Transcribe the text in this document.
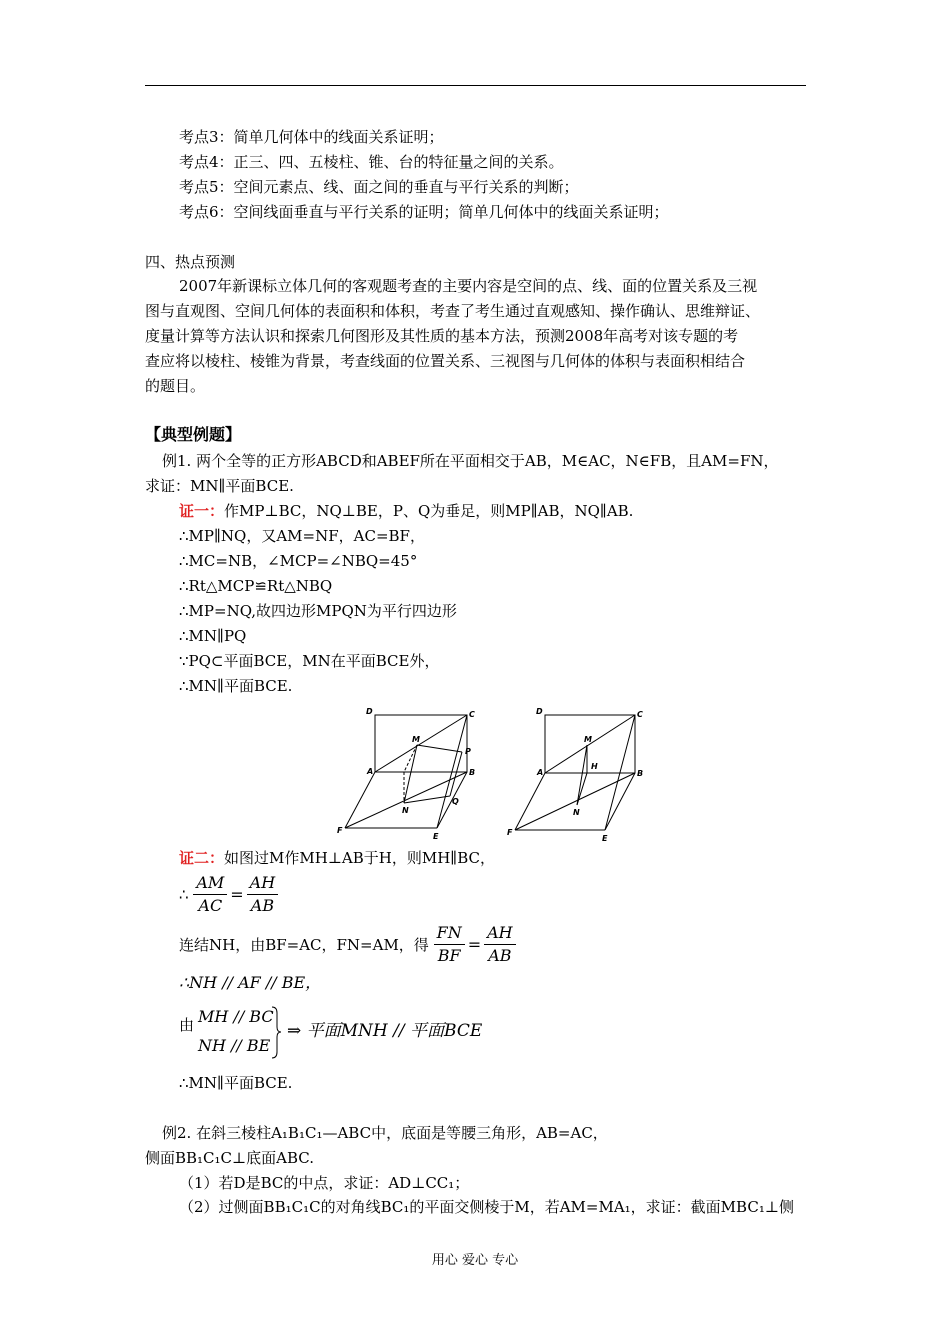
考点3：简单几何体中的线面关系证明；
考点4：正三、四、五棱柱、锥、台的特征量之间的关系。
考点5：空间元素点、线、面之间的垂直与平行关系的判断；
考点6：空间线面垂直与平行关系的证明；简单几何体中的线面关系证明；
四、热点预测
2007年新课标立体几何的客观题考查的主要内容是空间的点、线、面的位置关系及三视
图与直观图、空间几何体的表面积和体积，考查了考生通过直观感知、操作确认、思维辩证、
度量计算等方法认识和探索几何图形及其性质的基本方法，预测2008年高考对该专题的考
查应将以棱柱、棱锥为背景，考查线面的位置关系、三视图与几何体的体积与表面积相结合
的题目。
【典型例题】
例1. 两个全等的正方形ABCD和ABEF所在平面相交于AB，M∈AC，N∈FB，且AM=FN，
求证：MN∥平面BCE.
证一：作MP⊥BC，NQ⊥BE，P、Q为垂足，则MP∥AB，NQ∥AB.
∴MP∥NQ，又AM=NF，AC=BF，
∴MC=NB，∠MCP=∠NBQ=45°
∴Rt△MCP≌Rt△NBQ
∴MP=NQ,故四边形MPQN为平行四边形
∴MN∥PQ
∵PQ⊂平面BCE，MN在平面BCE外，
∴MN∥平面BCE.
D	C
M
P
A	B
N
Q
F
E
D	C
M
H
A	B
N
F
E
证二：如图过M作MH⊥AB于H，则MH∥BC，
∴ $\frac{AM}{AC} = \frac{AH}{AB}$
连结NH，由BF=AC，FN=AM，得 $\frac{FN}{BF} = \frac{AH}{AB}$
∴NH // AF // BE，
由 MH // BC
NH // BE
⇒ 平面MNH // 平面BCE
∴MN∥平面BCE.
例2. 在斜三棱柱A₁B₁C₁—ABC中，底面是等腰三角形，AB=AC，
侧面BB₁C₁C⊥底面ABC.
（1）若D是BC的中点，求证：AD⊥CC₁；
（2）过侧面BB₁C₁C的对角线BC₁的平面交侧棱于M，若AM=MA₁，求证：截面MBC₁⊥侧
用心 爱心 专心
